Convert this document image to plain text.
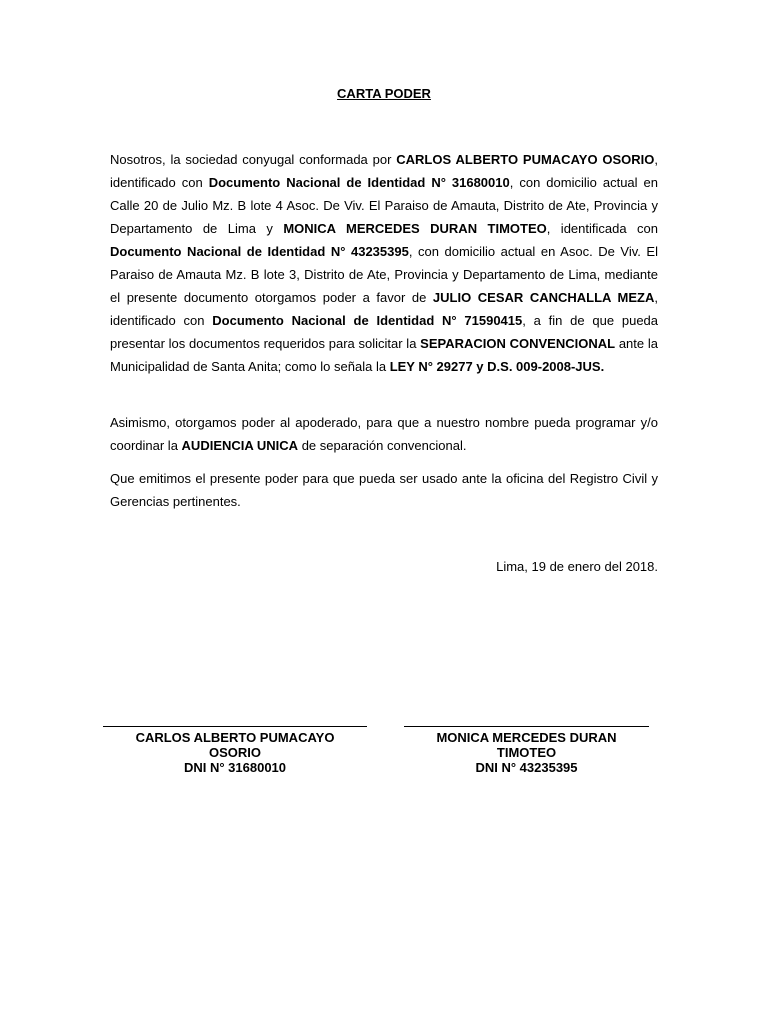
CARTA PODER

Nosotros, la sociedad conyugal conformada por CARLOS ALBERTO PUMACAYO OSORIO, identificado con Documento Nacional de Identidad N° 31680010, con domicilio actual en Calle 20 de Julio Mz. B lote 4 Asoc. De Viv. El Paraiso de Amauta, Distrito de Ate, Provincia y Departamento de Lima y MONICA MERCEDES DURAN TIMOTEO, identificada con Documento Nacional de Identidad N° 43235395, con domicilio actual en Asoc. De Viv. El Paraiso de Amauta Mz. B lote 3, Distrito de Ate, Provincia y Departamento de Lima, mediante el presente documento otorgamos poder a favor de JULIO CESAR CANCHALLA MEZA, identificado con Documento Nacional de Identidad N° 71590415, a fin de que pueda presentar los documentos requeridos para solicitar la SEPARACION CONVENCIONAL ante la Municipalidad de Santa Anita; como lo señala la LEY N° 29277 y D.S. 009-2008-JUS.

Asimismo, otorgamos poder al apoderado, para que a nuestro nombre pueda programar y/o coordinar la AUDIENCIA UNICA de separación convencional.

Que emitimos el presente poder para que pueda ser usado ante la oficina del Registro Civil y Gerencias pertinentes.

Lima, 19 de enero del 2018.
CARLOS ALBERTO PUMACAYO
OSORIO
DNI N° 31680010
MONICA MERCEDES DURAN
TIMOTEO
DNI N° 43235395
